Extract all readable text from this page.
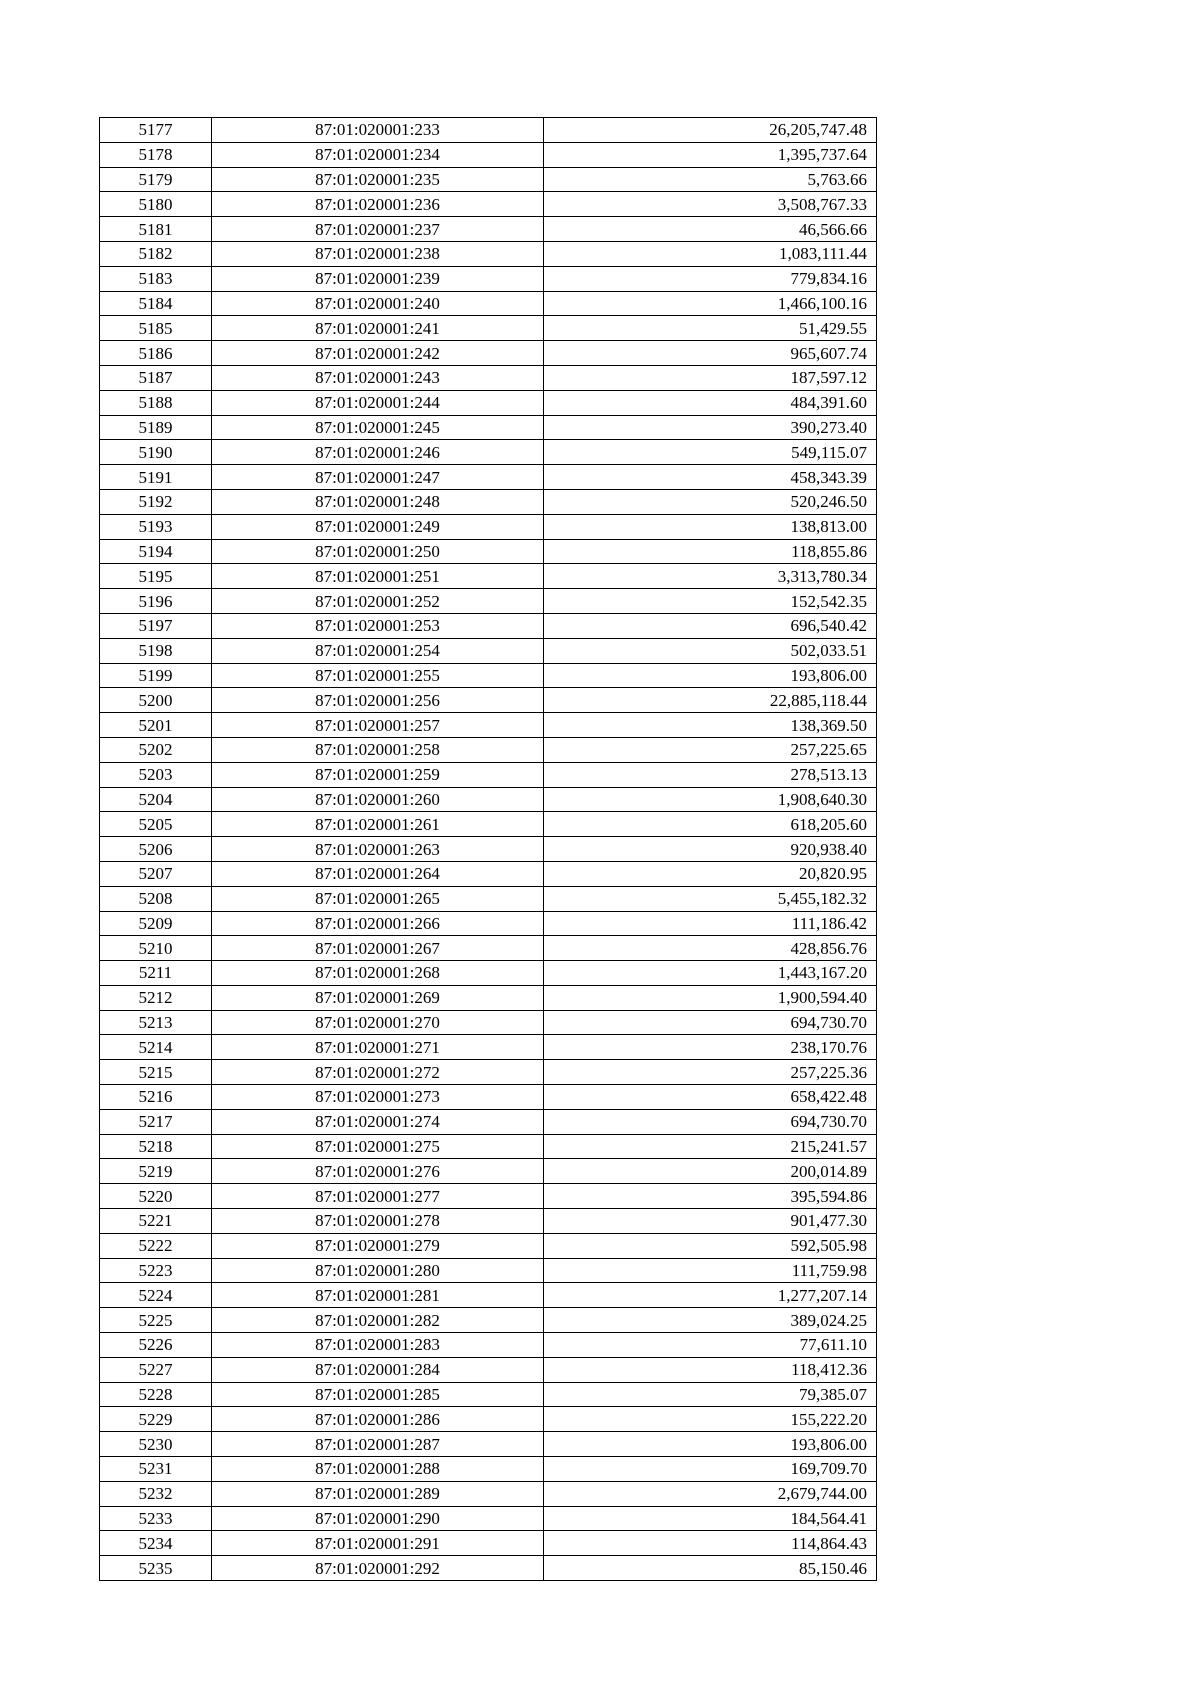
5177	87:01:020001:233	26,205,747.48
5178	87:01:020001:234	1,395,737.64
5179	87:01:020001:235	5,763.66
5180	87:01:020001:236	3,508,767.33
5181	87:01:020001:237	46,566.66
5182	87:01:020001:238	1,083,111.44
5183	87:01:020001:239	779,834.16
5184	87:01:020001:240	1,466,100.16
5185	87:01:020001:241	51,429.55
5186	87:01:020001:242	965,607.74
5187	87:01:020001:243	187,597.12
5188	87:01:020001:244	484,391.60
5189	87:01:020001:245	390,273.40
5190	87:01:020001:246	549,115.07
5191	87:01:020001:247	458,343.39
5192	87:01:020001:248	520,246.50
5193	87:01:020001:249	138,813.00
5194	87:01:020001:250	118,855.86
5195	87:01:020001:251	3,313,780.34
5196	87:01:020001:252	152,542.35
5197	87:01:020001:253	696,540.42
5198	87:01:020001:254	502,033.51
5199	87:01:020001:255	193,806.00
5200	87:01:020001:256	22,885,118.44
5201	87:01:020001:257	138,369.50
5202	87:01:020001:258	257,225.65
5203	87:01:020001:259	278,513.13
5204	87:01:020001:260	1,908,640.30
5205	87:01:020001:261	618,205.60
5206	87:01:020001:263	920,938.40
5207	87:01:020001:264	20,820.95
5208	87:01:020001:265	5,455,182.32
5209	87:01:020001:266	111,186.42
5210	87:01:020001:267	428,856.76
5211	87:01:020001:268	1,443,167.20
5212	87:01:020001:269	1,900,594.40
5213	87:01:020001:270	694,730.70
5214	87:01:020001:271	238,170.76
5215	87:01:020001:272	257,225.36
5216	87:01:020001:273	658,422.48
5217	87:01:020001:274	694,730.70
5218	87:01:020001:275	215,241.57
5219	87:01:020001:276	200,014.89
5220	87:01:020001:277	395,594.86
5221	87:01:020001:278	901,477.30
5222	87:01:020001:279	592,505.98
5223	87:01:020001:280	111,759.98
5224	87:01:020001:281	1,277,207.14
5225	87:01:020001:282	389,024.25
5226	87:01:020001:283	77,611.10
5227	87:01:020001:284	118,412.36
5228	87:01:020001:285	79,385.07
5229	87:01:020001:286	155,222.20
5230	87:01:020001:287	193,806.00
5231	87:01:020001:288	169,709.70
5232	87:01:020001:289	2,679,744.00
5233	87:01:020001:290	184,564.41
5234	87:01:020001:291	114,864.43
5235	87:01:020001:292	85,150.46
